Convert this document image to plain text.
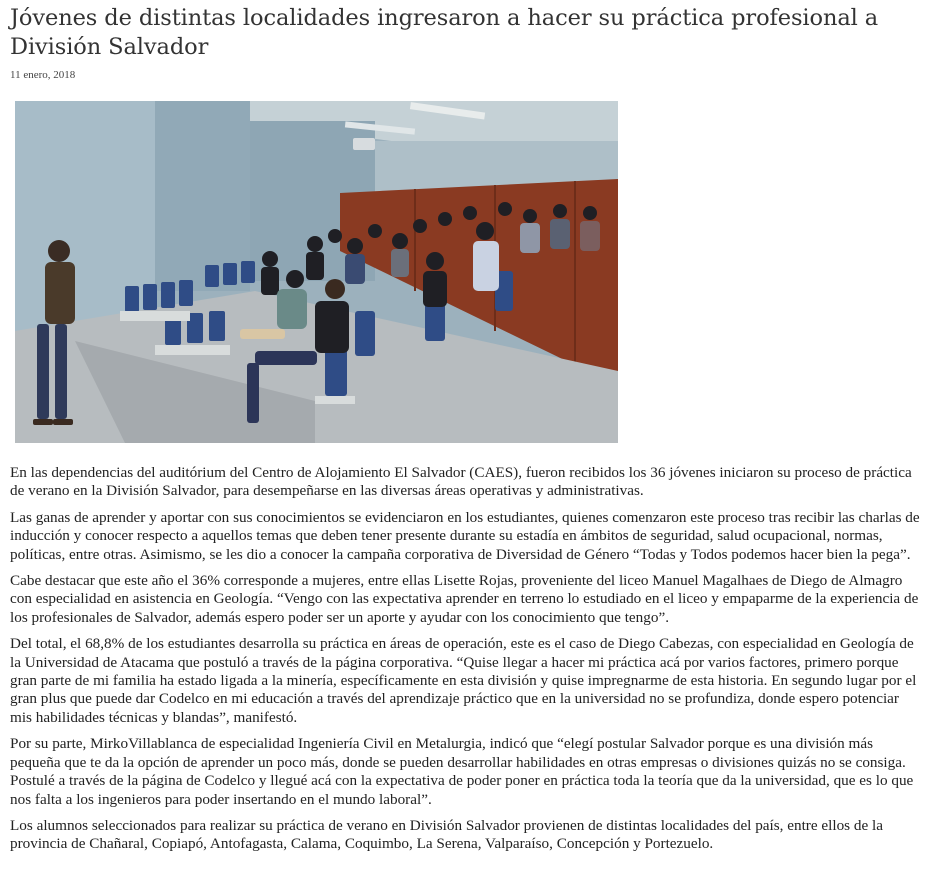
Jóvenes de distintas localidades ingresaron a hacer su práctica profesional a División Salvador
11 enero, 2018

En las dependencias del auditórium del Centro de Alojamiento El Salvador (CAES), fueron recibidos los 36 jóvenes iniciaron su proceso de práctica de verano en la División Salvador, para desempeñarse en las diversas áreas operativas y administrativas.

Las ganas de aprender y aportar con sus conocimientos se evidenciaron en los estudiantes, quienes comenzaron este proceso tras recibir las charlas de inducción y conocer respecto a aquellos temas que deben tener presente durante su estadía en ámbitos de seguridad, salud ocupacional, normas, políticas, entre otras. Asimismo, se les dio a conocer la campaña corporativa de Diversidad de Género “Todas y Todos podemos hacer bien la pega”.

Cabe destacar que este año el 36% corresponde a mujeres, entre ellas Lisette Rojas, proveniente del liceo Manuel Magalhaes de Diego de Almagro con especialidad en asistencia en Geología. “Vengo con las expectativa aprender en terreno lo estudiado en el liceo y empaparme de la experiencia de los profesionales de Salvador, además espero poder ser un aporte y ayudar con los conocimiento que tengo”.

Del total, el 68,8% de los estudiantes desarrolla su práctica en áreas de operación, este es el caso de Diego Cabezas, con especialidad en Geología de la Universidad de Atacama que postuló a través de la página corporativa. “Quise llegar a hacer mi práctica acá por varios factores, primero porque gran parte de mi familia ha estado ligada a la minería, específicamente en esta división y quise impregnarme de esta historia. En segundo lugar por el gran plus que puede dar Codelco en mi educación a través del aprendizaje práctico que en la universidad no se profundiza, donde espero potenciar mis habilidades técnicas y blandas”, manifestó.

Por su parte, MirkoVillablanca de especialidad Ingeniería Civil en Metalurgia, indicó que “elegí postular Salvador porque es una división más pequeña que te da la opción de aprender un poco más, donde se pueden desarrollar habilidades en otras empresas o divisiones quizás no se consiga. Postulé a través de la página de Codelco y llegué acá con la expectativa de poder poner en práctica toda la teoría que da la universidad, que es lo que nos falta a los ingenieros para poder insertando en el mundo laboral”.

Los alumnos seleccionados para realizar su práctica de verano en División Salvador provienen de distintas localidades del país, entre ellos de la provincia de Chañaral, Copiapó, Antofagasta, Calama, Coquimbo, La Serena, Valparaíso, Concepción y Portezuelo.
